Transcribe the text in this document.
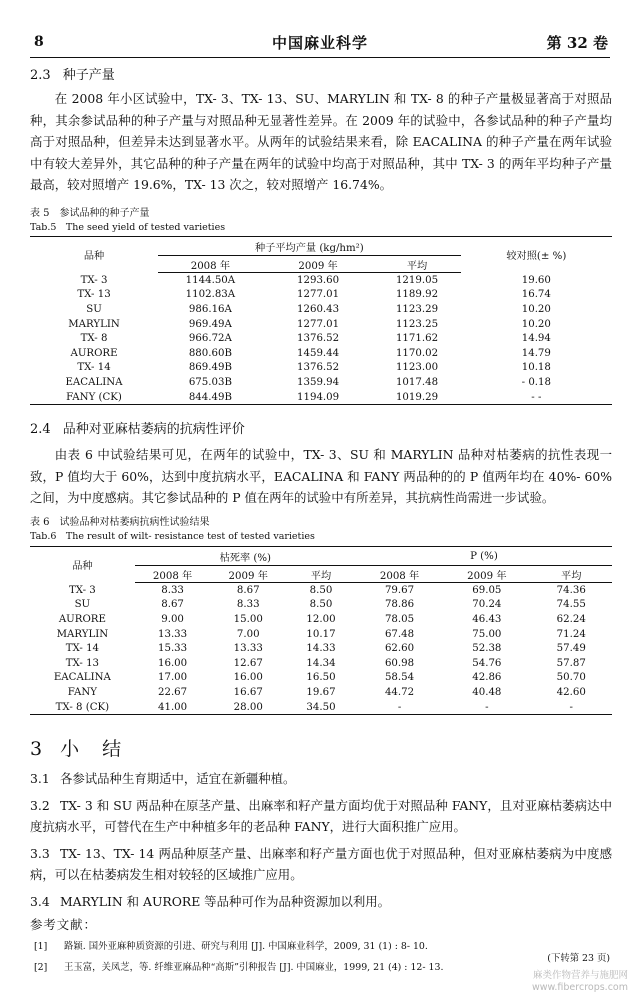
8	中国麻业科学	第 32 卷
2.3 种子产量

在 2008 年小区试验中，TX- 3、TX- 13、SU、MARYLIN 和 TX- 8 的种子产量极显著高于对照品种，其余参试品种的种子产量与对照品种无显著性差异。在 2009 年的试验中，各参试品种的种子产量均高于对照品种，但差异未达到显著水平。从两年的试验结果来看，除 EACALINA 的种子产量在两年试验中有较大差异外，其它品种的种子产量在两年的试验中均高于对照品种，其中 TX- 3 的两年平均种子产量最高，较对照增产 19.6%，TX- 13 次之，较对照增产 16.74%。

表 5　参试品种的种子产量
Tab.5　The seed yield of tested varieties
品种	种子平均产量 (kg/hm²)			较对照(± %)
	2008 年	2009 年	平均	
TX- 3	1144.50A	1293.60	1219.05	19.60
TX- 13	1102.83A	1277.01	1189.92	16.74
SU	986.16A	1260.43	1123.29	10.20
MARYLIN	969.49A	1277.01	1123.25	10.20
TX- 8	966.72A	1376.52	1171.62	14.94
AURORE	880.60B	1459.44	1170.02	14.79
TX- 14	869.49B	1376.52	1123.00	10.18
EACALINA	675.03B	1359.94	1017.48	- 0.18
FANY (CK)	844.49B	1194.09	1019.29	- -
2.4 品种对亚麻枯萎病的抗病性评价

由表 6 中试验结果可见，在两年的试验中，TX- 3、SU 和 MARYLIN 品种对枯萎病的抗性表现一致，P 值均大于 60%，达到中度抗病水平，EACALINA 和 FANY 两品种的的 P 值两年均在 40%- 60%之间，为中度感病。其它参试品种的 P 值在两年的试验中有所差异，其抗病性尚需进一步试验。

表 6　试验品种对枯萎病抗病性试验结果
Tab.6　The result of wilt- resistance test of tested varieties
品种	枯死率 (%)			P (%)		
	2008 年	2009 年	平均	2008 年	2009 年	平均
TX- 3	8.33	8.67	8.50	79.67	69.05	74.36
SU	8.67	8.33	8.50	78.86	70.24	74.55
AURORE	9.00	15.00	12.00	78.05	46.43	62.24
MARYLIN	13.33	7.00	10.17	67.48	75.00	71.24
TX- 14	15.33	13.33	14.33	62.60	52.38	57.49
TX- 13	16.00	12.67	14.34	60.98	54.76	57.87
EACALINA	17.00	16.00	16.50	58.54	42.86	50.70
FANY	22.67	16.67	19.67	44.72	40.48	42.60
TX- 8 (CK)	41.00	28.00	34.50	-	-	-
3 小　结

3.1 各参试品种生育期适中，适宜在新疆种植。

3.2 TX- 3 和 SU 两品种在原茎产量、出麻率和籽产量方面均优于对照品种 FANY，且对亚麻枯萎病达中度抗病水平，可替代在生产中种植多年的老品种 FANY，进行大面积推广应用。

3.3 TX- 13、TX- 14 两品种原茎产量、出麻率和籽产量方面也优于对照品种，但对亚麻枯萎病为中度感病，可以在枯萎病发生相对较轻的区域推广应用。

3.4 MARYLIN 和 AURORE 等品种可作为品种资源加以利用。

参考文献：
[1] 路颖. 国外亚麻种质资源的引进、研究与利用 [J]. 中国麻业科学，2009, 31 (1) : 8- 10.
[2] 王玉富，关凤芝，等. 纤维亚麻品种“高斯”引种报告 [J]. 中国麻业，1999, 21 (4) : 12- 13.
(下转第 23 页)
麻类作物营养与施肥网
www.fibercrops.com
